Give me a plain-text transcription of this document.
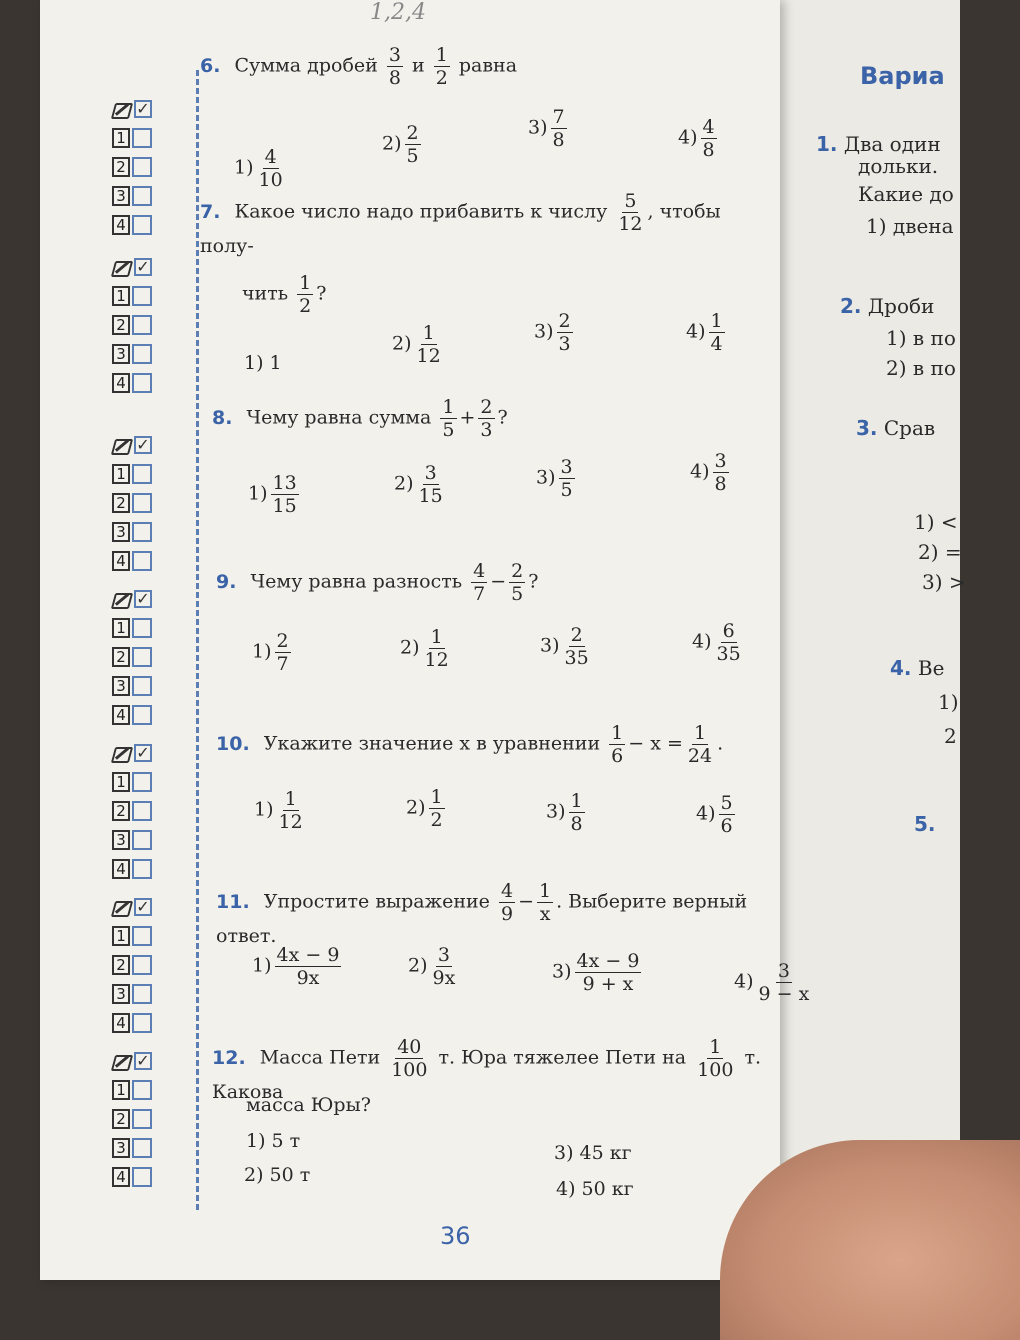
Вариа
1. Два один
дольки.
Какие до
1) двена
2. Дроби
1) в по
2) в по
3. Срав
1) <
2) =
3) >
4. Ве
1)
2
5.
1,2,4
✓
1
2
3
4
✓
1
2
3
4
✓
1
2
3
4
✓
1
2
3
4
✓
1
2
3
4
✓
1
2
3
4
✓
1
2
3
4
6. Сумма дробей $\frac{3}{8}$ и $\frac{1}{2}$ равна
$1) \frac{4}{10}$
$2) \frac{2}{5}$	$3) \frac{7}{8}$	$4) \frac{4}{8}$
7. Какое число надо прибавить к числу $\frac{5}{12}$ , чтобы полу-
чить $\frac{1}{2}$ ?
1) 1
$2) \frac{1}{12}$	$3) \frac{2}{3}$	$4) \frac{1}{4}$
8. Чему равна сумма $\frac{1}{5} + \frac{2}{3}$ ?
$1) \frac{13}{15}$	$2) \frac{3}{15}$	$3) \frac{3}{5}$	$4) \frac{3}{8}$
9. Чему равна разность $\frac{4}{7} - \frac{2}{5}$ ?
$1) \frac{2}{7}$	$2) \frac{1}{12}$	$3) \frac{2}{35}$	$4) \frac{6}{35}$
10. Укажите значение x в уравнении $\frac{1}{6} - x = \frac{1}{24}$ .
$1) \frac{1}{12}$	$2) \frac{1}{2}$	$3) \frac{1}{8}$	$4) \frac{5}{6}$
11. Упростите выражение $\frac{4}{9} - \frac{1}{x}$ . Выберите верный ответ.
$1) \frac{4x - 9}{9x}$	$2) \frac{3}{9x}$	$3) \frac{4x - 9}{9 + x}$	$4) \frac{3}{9 - x}$
12. Масса Пети $\frac{40}{100} т$. Юра тяжелее Пети на $\frac{1}{100} т$. Какова
масса Юры?
1) 5 т
2) 50 т
3) 45 кг
4) 50 кг
36
